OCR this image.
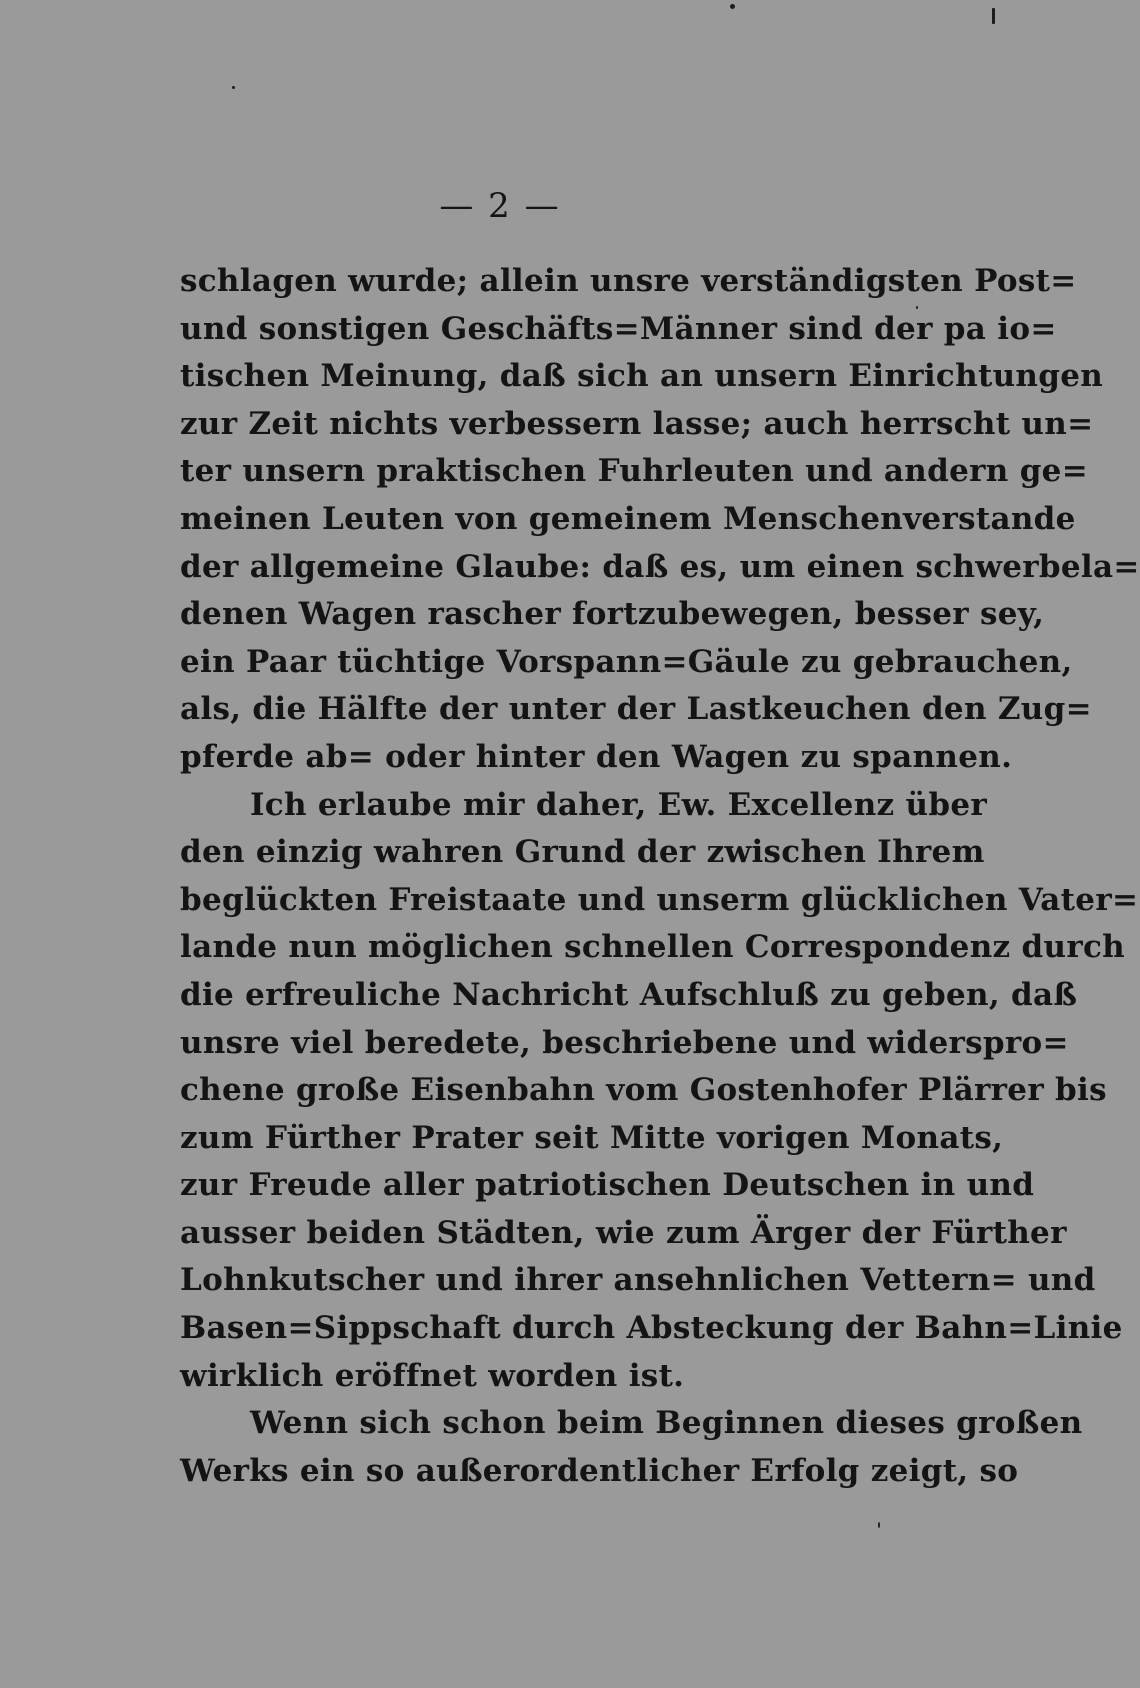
— 2 —
schlagen wurde; allein unsre verständigsten Post=
und sonstigen Geschäfts=Männer sind der pa io=
tischen Meinung, daß sich an unsern Einrichtungen
zur Zeit nichts verbessern lasse; auch herrscht un=
ter unsern praktischen Fuhrleuten und andern ge=
meinen Leuten von gemeinem Menschenverstande
der allgemeine Glaube: daß es, um einen schwerbela=
denen Wagen rascher fortzubewegen, besser sey,
ein Paar tüchtige Vorspann=Gäule zu gebrauchen,
als, die Hälfte der unter der Lastkeuchen den Zug=
pferde ab= oder hinter den Wagen zu spannen.
Ich erlaube mir daher, Ew. Excellenz über
den einzig wahren Grund der zwischen Ihrem
beglückten Freistaate und unserm glücklichen Vater=
lande nun möglichen schnellen Correspondenz durch
die erfreuliche Nachricht Aufschluß zu geben, daß
unsre viel beredete, beschriebene und widerspro=
chene große Eisenbahn vom Gostenhofer Plärrer bis
zum Fürther Prater seit Mitte vorigen Monats,
zur Freude aller patriotischen Deutschen in und
ausser beiden Städten, wie zum Ärger der Fürther
Lohnkutscher und ihrer ansehnlichen Vettern= und
Basen=Sippschaft durch Absteckung der Bahn=Linie
wirklich eröffnet worden ist.
Wenn sich schon beim Beginnen dieses großen
Werks ein so außerordentlicher Erfolg zeigt, so
